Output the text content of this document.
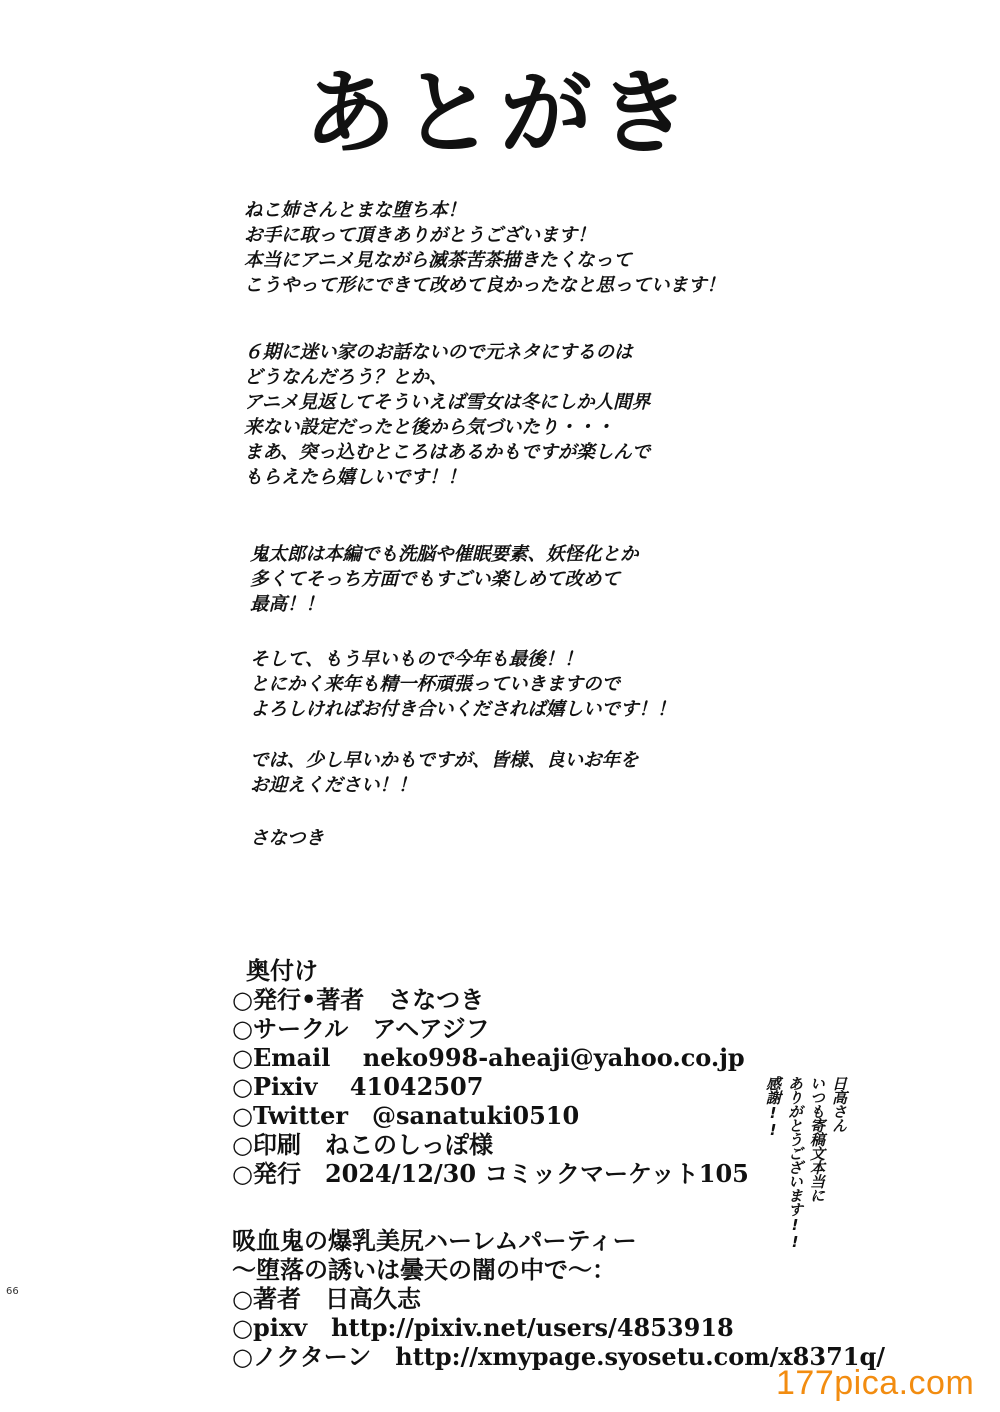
あとがき

ねこ姉さんとまな堕ち本！
お手に取って頂きありがとうございます！
本当にアニメ見ながら滅茶苦茶描きたくなって
こうやって形にできて改めて良かったなと思っています！

６期に迷い家のお話ないので元ネタにするのは
どうなんだろう？とか、
アニメ見返してそういえば雪女は冬にしか人間界
来ない設定だったと後から気づいたり・・・
まあ、突っ込むところはあるかもですが楽しんで
もらえたら嬉しいです！！

鬼太郎は本編でも洗脳や催眠要素、妖怪化とか
多くてそっち方面でもすごい楽しめて改めて
最高！！

そして、もう早いもので今年も最後！！
とにかく来年も精一杯頑張っていきますので
よろしければお付き合いくだされば嬉しいです！！

では、少し早いかもですが、皆様、良いお年を
お迎えください！！

さなつき

奥付け
○発行•著者　さなつき
○サークル　アヘアジフ
○Email　 neko998-aheaji@yahoo.co.jp
○Pixiv　 41042507
○Twitter　@sanatuki0510
○印刷　ねこのしっぽ様
○発行　2024/12/30 コミックマーケット105
吸血鬼の爆乳美尻ハーレムパーティー
〜堕落の誘いは曇天の闇の中で〜：
○著者　日高久志
○pixv　http://pixiv.net/users/4853918
○ノクターン　http://xmypage.syosetu.com/x8371q/
日高さん
いつも寄稿文本当に
ありがとうございます!!
感謝!!
66
177pica.com
